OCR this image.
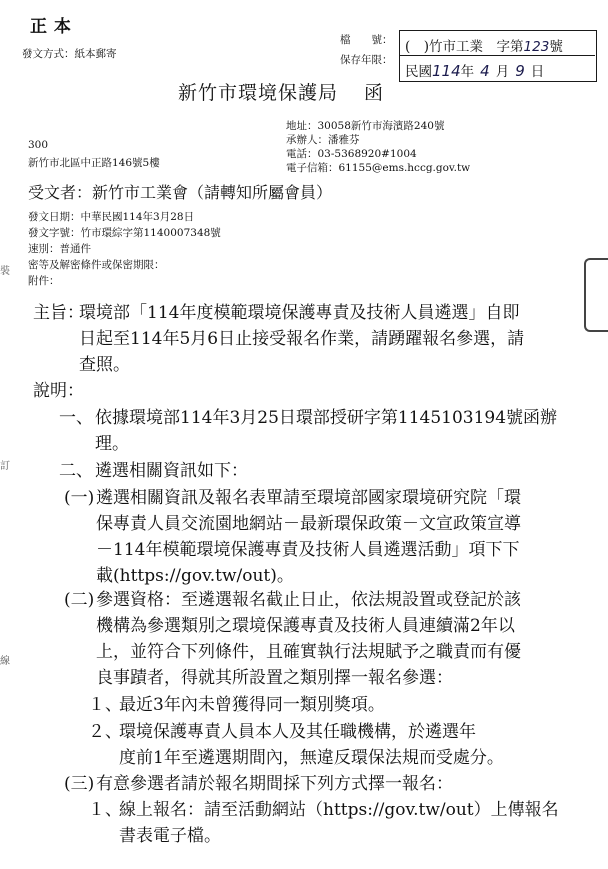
正 本
發文方式：紙本郵寄
檔　　號：
保存年限：
(　)竹市工業　字第123號
民國114年 4 月 9 日
新竹市環境保護局 函
300
新竹市北區中正路146號5樓
地址：30058新竹市海濱路240號
承辦人：潘雅芬
電話：03-5368920#1004
電子信箱：61155@ems.hccg.gov.tw
受文者：新竹市工業會（請轉知所屬會員）
發文日期：中華民國114年3月28日
發文字號：竹市環綜字第1140007348號
速別：普通件
密等及解密條件或保密期限：
附件：
主旨：
環境部「114年度模範環境保護專責及技術人員遴選」自即
日起至114年5月6日止接受報名作業，請踴躍報名參選，請
查照。
說明：
一、 依據環境部114年3月25日環部授研字第1145103194號函辦
理。
二、 遴選相關資訊如下：
(一) 遴選相關資訊及報名表單請至環境部國家環境研究院「環
保專責人員交流園地網站－最新環保政策－文宣政策宣導
－114年模範環境保護專責及技術人員遴選活動」項下下
載(https://gov.tw/out)。
(二) 參選資格：至遴選報名截止日止，依法規設置或登記於該
機構為參選類別之環境保護專責及技術人員連續滿2年以
上，並符合下列條件，且確實執行法規賦予之職責而有優
良事蹟者，得就其所設置之類別擇一報名參選：
１、
最近3年內未曾獲得同一類別獎項。
２、
環境保護專責人員本人及其任職機構，於遴選年
度前1年至遴選期間內，無違反環保法規而受處分。
(三) 有意參選者請於報名期間採下列方式擇一報名：
１、
線上報名：請至活動網站（https://gov.tw/out）上傳報名
書表電子檔。
裝
訂
線
